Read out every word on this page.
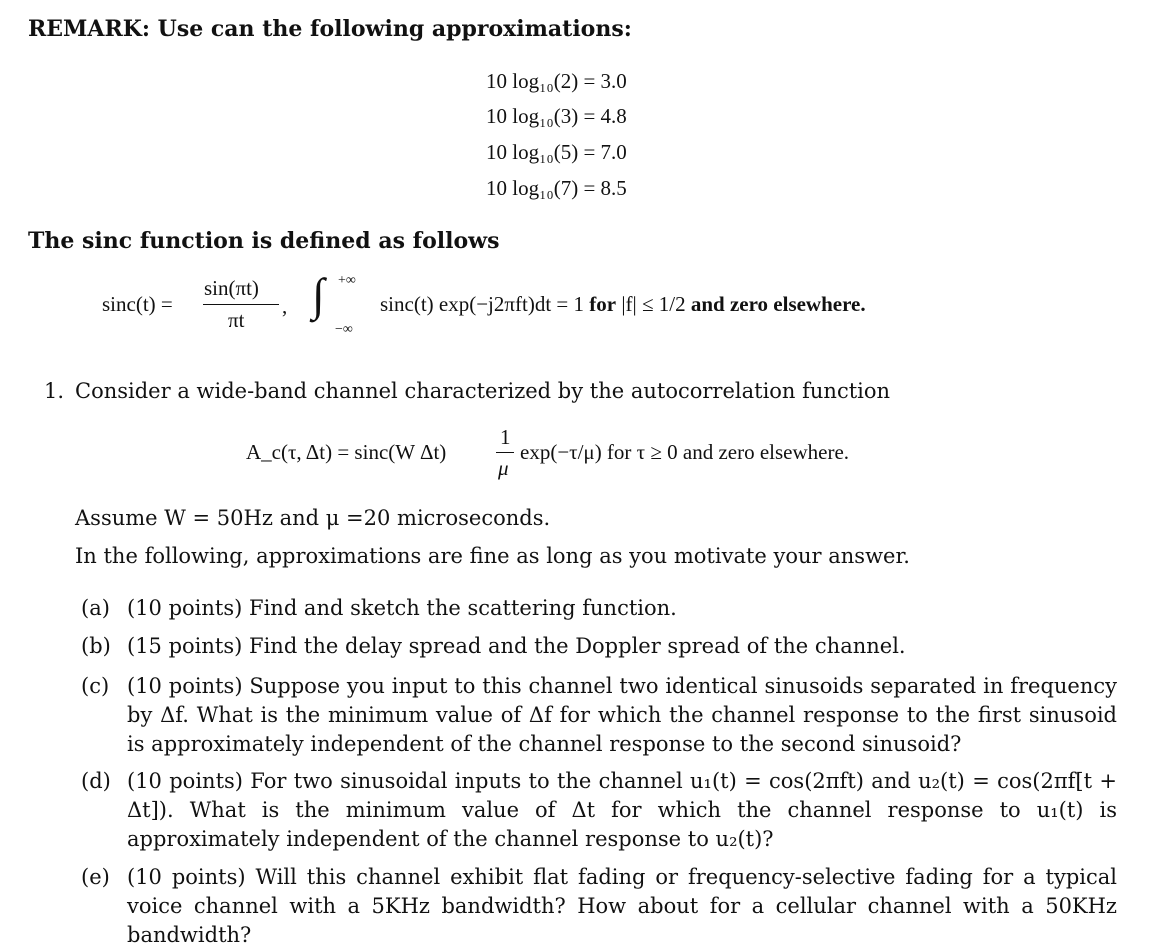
REMARK: Use can the following approximations:
10 log₁₀(2) = 3.0
10 log₁₀(3) = 4.8
10 log₁₀(5) = 7.0
10 log₁₀(7) = 8.5
The sinc function is defined as follows
sinc(t) =
sin(πt)
πt
, ∫ +∞
−∞
sinc(t) exp(−j2πft)dt = 1 for |f| ≤ 1/2 and zero elsewhere.
1. Consider a wide-band channel characterized by the autocorrelation function
A_c(τ, Δt) = sinc(W Δt)
1
μ
exp(−τ/μ) for τ ≥ 0 and zero elsewhere.
Assume W = 50Hz and μ =20 microseconds.
In the following, approximations are fine as long as you motivate your answer.
(a) (10 points) Find and sketch the scattering function.
(b) (15 points) Find the delay spread and the Doppler spread of the channel.
(c) (10 points) Suppose you input to this channel two identical sinusoids separated in frequency by Δf. What is the minimum value of Δf for which the channel response to the first sinusoid is approximately independent of the channel response to the second sinusoid?
(d) (10 points) For two sinusoidal inputs to the channel u₁(t) = cos(2πft) and u₂(t) = cos(2πf[t + Δt]). What is the minimum value of Δt for which the channel response to u₁(t) is approximately independent of the channel response to u₂(t)?
(e) (10 points) Will this channel exhibit flat fading or frequency-selective fading for a typical voice channel with a 5KHz bandwidth? How about for a cellular channel with a 50KHz bandwidth?
